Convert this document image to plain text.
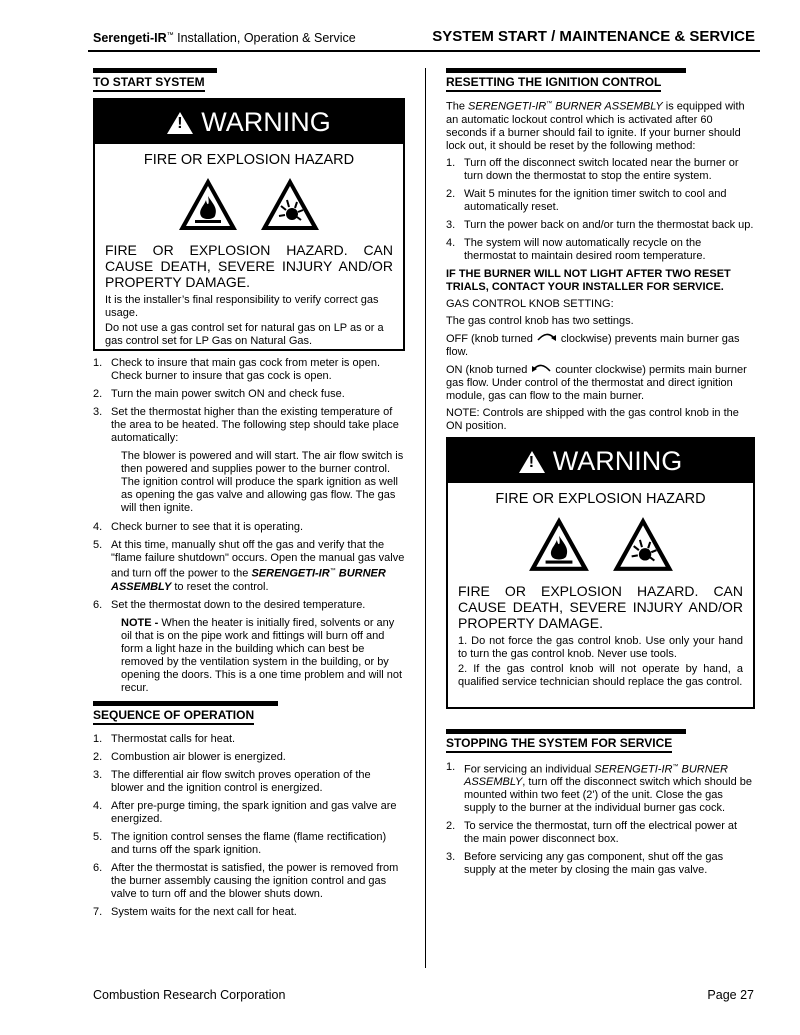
Serengeti-IR™ Installation, Operation & Service	SYSTEM START / MAINTENANCE & SERVICE
TO START SYSTEM
! WARNING
FIRE OR EXPLOSION HAZARD
FIRE OR EXPLOSION HAZARD. CAN CAUSE DEATH, SEVERE INJURY AND/OR PROPERTY DAMAGE.

It is the installer’s final responsibility to verify correct gas usage.

Do not use a gas control set for natural gas on LP as or a gas control set for LP Gas on Natural Gas.

1. Check to insure that main gas cock from meter is open. Check burner to insure that gas cock is open.
2. Turn the main power switch ON and check fuse.
3. Set the thermostat higher than the existing temperature of the area to be heated. The following step should take place automatically:
The blower is powered and will start. The air flow switch is then powered and supplies power to the burner control. The ignition control will produce the spark ignition as well as opening the gas valve and allowing gas flow. The gas will then ignite.
4. Check burner to see that it is operating.
5. At this time, manually shut off the gas and verify that the "flame failure shutdown" occurs. Open the manual gas valve and turn off the power to the SERENGETI-IR™ BURNER ASSEMBLY to reset the control.
6. Set the thermostat down to the desired temperature.
NOTE - When the heater is initially fired, solvents or any oil that is on the pipe work and fittings will burn off and form a light haze in the building which can best be removed by the ventilation system in the building, or by opening the doors. This is a one time problem and will not recur.
SEQUENCE OF OPERATION
1. Thermostat calls for heat.
2. Combustion air blower is energized.
3. The differential air flow switch proves operation of the blower and the ignition control is energized.
4. After pre-purge timing, the spark ignition and gas valve are energized.
5. The ignition control senses the flame (flame rectification) and turns off the spark ignition.
6. After the thermostat is satisfied, the power is removed from the burner assembly causing the ignition control and gas valve to turn off and the blower shuts down.
7. System waits for the next call for heat.
RESETTING THE IGNITION CONTROL
The SERENGETI-IR™ BURNER ASSEMBLY is equipped with an automatic lockout control which is activated after 60 seconds if a burner should fail to ignite. If your burner should lock out, it should be reset by the following method:
1. Turn off the disconnect switch located near the burner or turn down the thermostat to stop the entire system.
2. Wait 5 minutes for the ignition timer switch to cool and automatically reset.
3. Turn the power back on and/or turn the thermostat back up.
4. The system will now automatically recycle on the thermostat to maintain desired room temperature.
IF THE BURNER WILL NOT LIGHT AFTER TWO RESET TRIALS, CONTACT YOUR INSTALLER FOR SERVICE.
GAS CONTROL KNOB SETTING:
The gas control knob has two settings.
OFF (knob turned  clockwise) prevents main burner gas flow.
ON (knob turned  counter clockwise) permits main burner gas flow. Under control of the thermostat and direct ignition module, gas can flow to the main burner.
NOTE: Controls are shipped with the gas control knob in the ON position.
! WARNING
FIRE OR EXPLOSION HAZARD
FIRE OR EXPLOSION HAZARD. CAN CAUSE DEATH, SEVERE INJURY AND/OR PROPERTY DAMAGE.

1. Do not force the gas control knob. Use only your hand to turn the gas control knob. Never use tools.

2. If the gas control knob will not operate by hand, a qualified service technician should replace the gas control.

STOPPING THE SYSTEM FOR SERVICE
1. For servicing an individual SERENGETI-IR™ BURNER ASSEMBLY, turn off the disconnect switch which should be mounted within two feet (2') of the unit. Close the gas supply to the burner at the individual burner gas cock.
2. To service the thermostat, turn off the electrical power at the main power disconnect box.
3. Before servicing any gas component, shut off the gas supply at the meter by closing the main gas valve.
Combustion Research Corporation	Page 27
